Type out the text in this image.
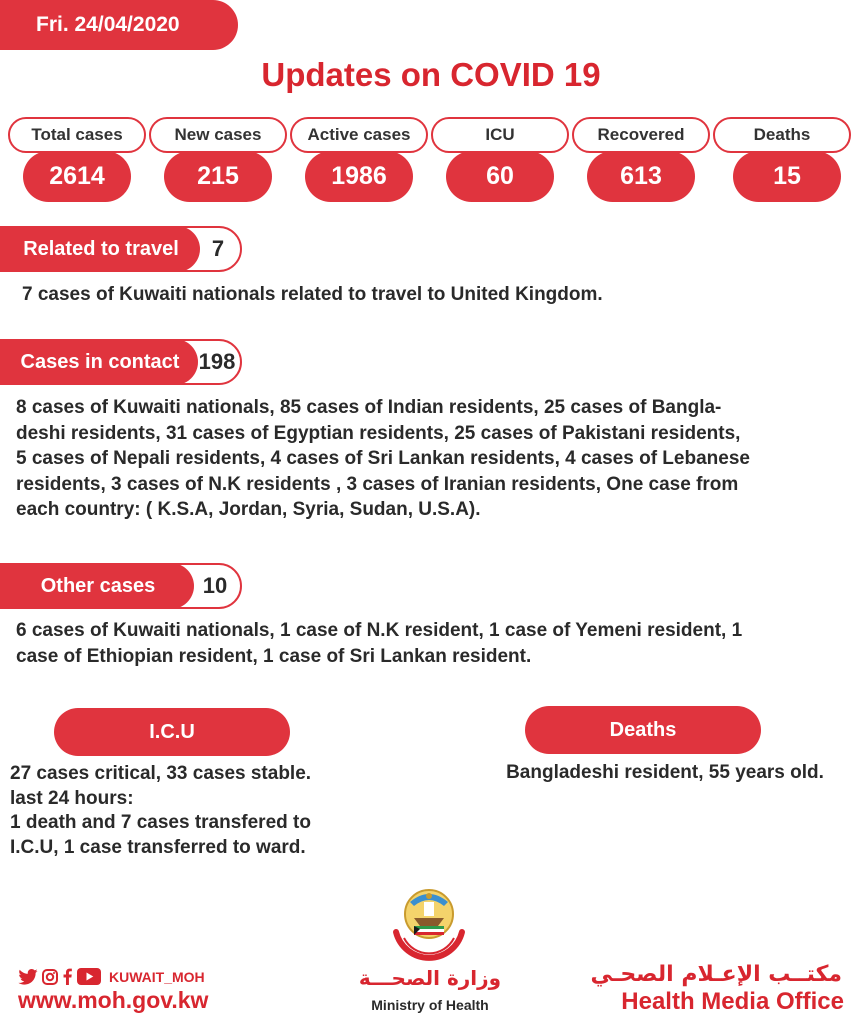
Fri. 24/04/2020
Updates on COVID 19
Total cases	New cases	Active cases	ICU	Recovered	Deaths
2614	215	1986	60	613	15
Related to travel	7
7 cases of Kuwaiti nationals related to travel to United Kingdom.
Cases in contact 198
8 cases of Kuwaiti nationals, 85 cases of Indian residents, 25 cases of Bangla-
deshi residents, 31 cases of Egyptian residents, 25 cases of Pakistani residents,
5 cases of Nepali residents, 4 cases of Sri Lankan residents, 4 cases of Lebanese
residents, 3 cases of N.K residents , 3 cases of Iranian residents, One case from
each country: ( K.S.A, Jordan, Syria, Sudan, U.S.A).
Other cases	10
6 cases of Kuwaiti nationals, 1 case of N.K resident, 1 case of Yemeni resident, 1
case of Ethiopian resident, 1 case of Sri Lankan resident.
I.C.U
27 cases critical, 33 cases stable.
last 24 hours:
1 death and 7 cases transfered to
I.C.U, 1 case transferred to ward.
Deaths
Bangladeshi resident, 55 years old.
KUWAIT_MOH
www.moh.gov.kw
وزارة الصحـــة
Ministry of Health
مكتــب الإعـلام الصحـي
Health Media Office
